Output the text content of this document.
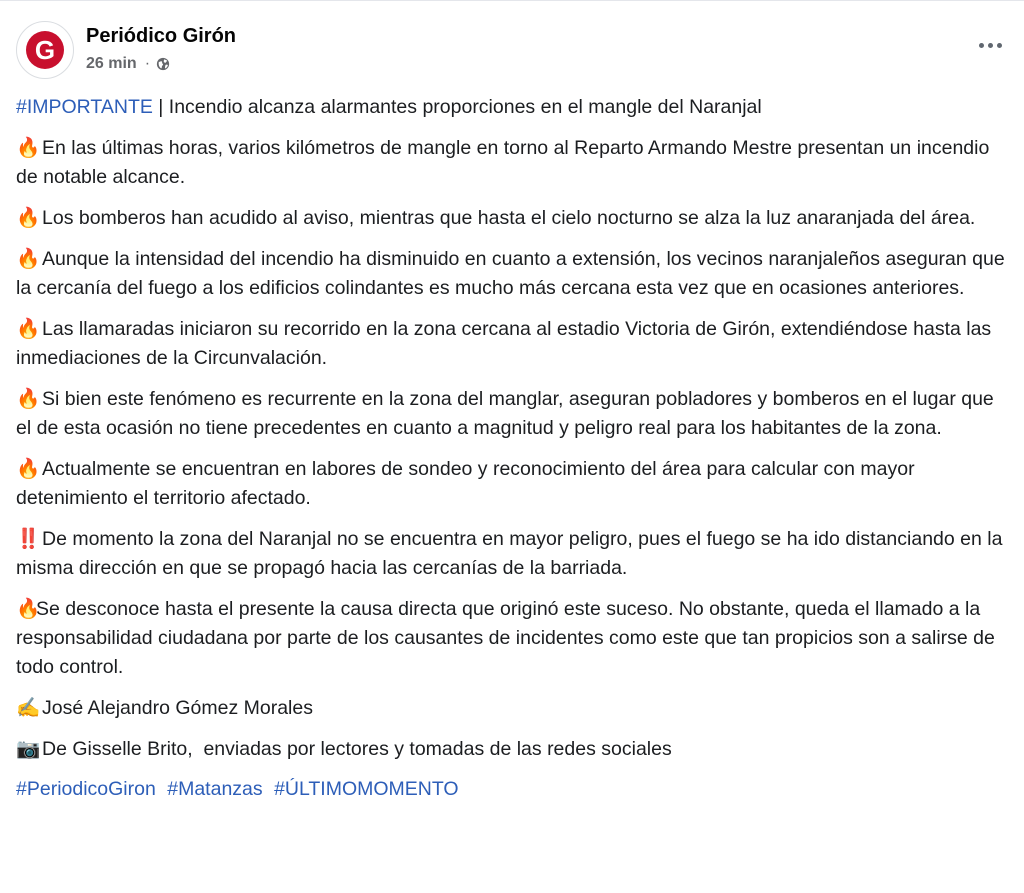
G Periódico Girón
26 min ·

#IMPORTANTE | Incendio alcanza alarmantes proporciones en el mangle del Naranjal

🔥En las últimas horas, varios kilómetros de mangle en torno al Reparto Armando Mestre presentan un incendio de notable alcance.

🔥Los bomberos han acudido al aviso, mientras que hasta el cielo nocturno se alza la luz anaranjada del área.

🔥Aunque la intensidad del incendio ha disminuido en cuanto a extensión, los vecinos naranjaleños aseguran que la cercanía del fuego a los edificios colindantes es mucho más cercana esta vez que en ocasiones anteriores.

🔥Las llamaradas iniciaron su recorrido en la zona cercana al estadio Victoria de Girón, extendiéndose hasta las inmediaciones de la Circunvalación.

🔥Si bien este fenómeno es recurrente en la zona del manglar, aseguran pobladores y bomberos en el lugar que el de esta ocasión no tiene precedentes en cuanto a magnitud y peligro real para los habitantes de la zona.

🔥Actualmente se encuentran en labores de sondeo y reconocimiento del área para calcular con mayor detenimiento el territorio afectado.

‼️De momento la zona del Naranjal no se encuentra en mayor peligro, pues el fuego se ha ido distanciando en la misma dirección en que se propagó hacia las cercanías de la barriada.

🔥Se desconoce hasta el presente la causa directa que originó este suceso. No obstante, queda el llamado a la responsabilidad ciudadana por parte de los causantes de incidentes como este que tan propicios son a salirse de todo control.

✍️José Alejandro Gómez Morales

📷De Gisselle Brito,  enviadas por lectores y tomadas de las redes sociales

#PeriodicoGiron #Matanzas #ÚLTIMOMOMENTO
